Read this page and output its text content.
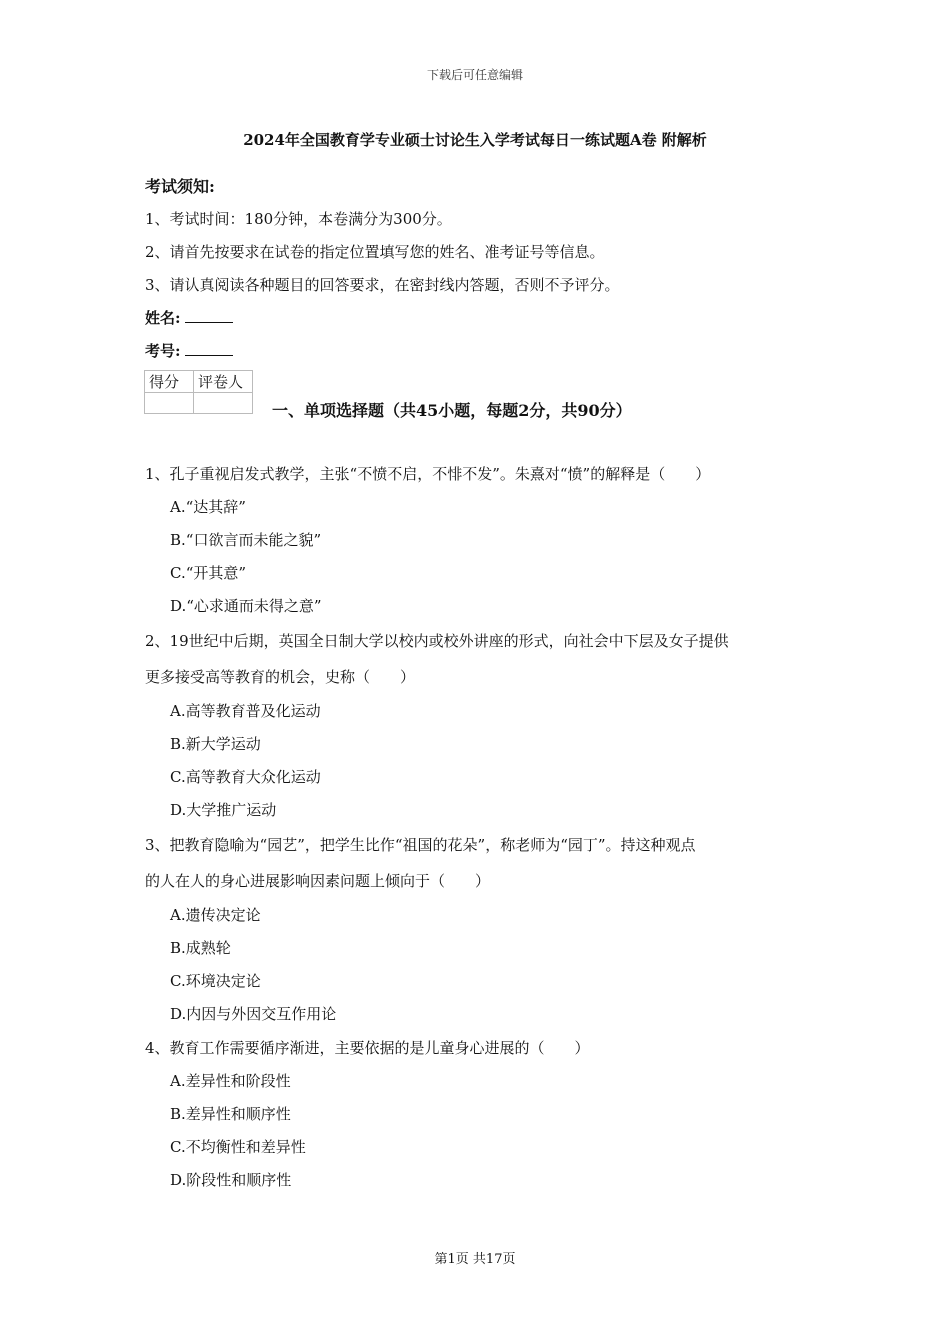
下载后可任意编辑
2024年全国教育学专业硕士讨论生入学考试每日一练试题A卷 附解析
考试须知:
1、考试时间：180分钟，本卷满分为300分。
2、请首先按要求在试卷的指定位置填写您的姓名、准考证号等信息。
3、请认真阅读各种题目的回答要求，在密封线内答题，否则不予评分。
姓名:
考号:
得分	评卷人

一、单项选择题（共45小题，每题2分，共90分）
1、孔子重视启发式教学，主张“不愤不启，不悱不发”。朱熹对“愤”的解释是（　　）
A.“达其辞”
B.“口欲言而未能之貌”
C.“开其意”
D.“心求通而未得之意”
2、19世纪中后期，英国全日制大学以校内或校外讲座的形式，向社会中下层及女子提供
更多接受高等教育的机会，史称（　　）
A.高等教育普及化运动
B.新大学运动
C.高等教育大众化运动
D.大学推广运动
3、把教育隐喻为“园艺”，把学生比作“祖国的花朵”，称老师为“园丁”。持这种观点
的人在人的身心进展影响因素问题上倾向于（　　）
A.遗传决定论
B.成熟轮
C.环境决定论
D.内因与外因交互作用论
4、教育工作需要循序渐进，主要依据的是儿童身心进展的（　　）
A.差异性和阶段性
B.差异性和顺序性
C.不均衡性和差异性
D.阶段性和顺序性
第1页 共17页
